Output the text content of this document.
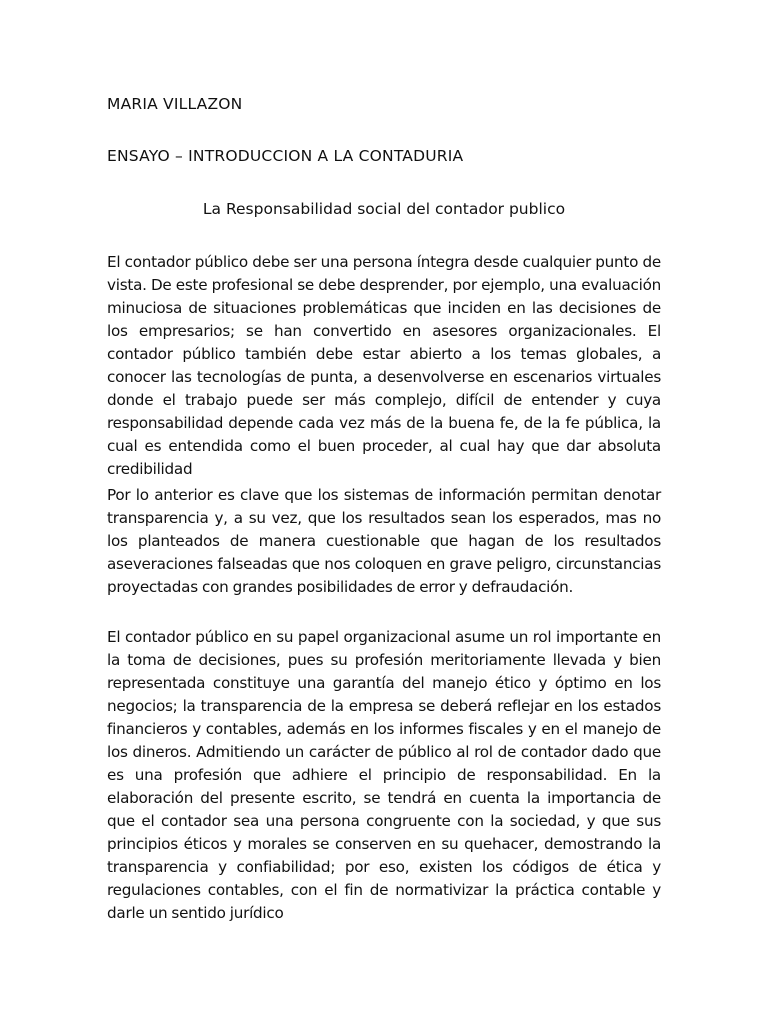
MARIA VILLAZON

ENSAYO – INTRODUCCION A LA CONTADURIA

La Responsabilidad social del contador publico

El contador público debe ser una persona íntegra desde cualquier punto de vista. De este profesional se debe desprender, por ejemplo, una evaluación minuciosa de situaciones problemáticas que inciden en las decisiones de los empresarios; se han convertido en asesores organizacionales. El contador público también debe estar abierto a los temas globales, a conocer las tecnologías de punta, a desenvolverse en escenarios virtuales donde el trabajo puede ser más complejo, difícil de entender y cuya responsabilidad depende cada vez más de la buena fe, de la fe pública, la cual es entendida como el buen proceder, al cual hay que dar absoluta credibilidad

Por lo anterior es clave que los sistemas de información permitan denotar transparencia y, a su vez, que los resultados sean los esperados, mas no los planteados de manera cuestionable que hagan de los resultados aseveraciones falseadas que nos coloquen en grave peligro, circunstancias proyectadas con grandes posibilidades de error y defraudación.

El contador público en su papel organizacional asume un rol importante en la toma de decisiones, pues su profesión meritoriamente llevada y bien representada constituye una garantía del manejo ético y óptimo en los negocios; la transparencia de la empresa se deberá reflejar en los estados financieros y contables, además en los informes fiscales y en el manejo de los dineros. Admitiendo un carácter de público al rol de contador dado que es una profesión que adhiere el principio de responsabilidad. En la elaboración del presente escrito, se tendrá en cuenta la importancia de que el contador sea una persona congruente con la sociedad, y que sus principios éticos y morales se conserven en su quehacer, demostrando la transparencia y confiabilidad; por eso, existen los códigos de ética y regulaciones contables, con el fin de normativizar la práctica contable y darle un sentido jurídico
